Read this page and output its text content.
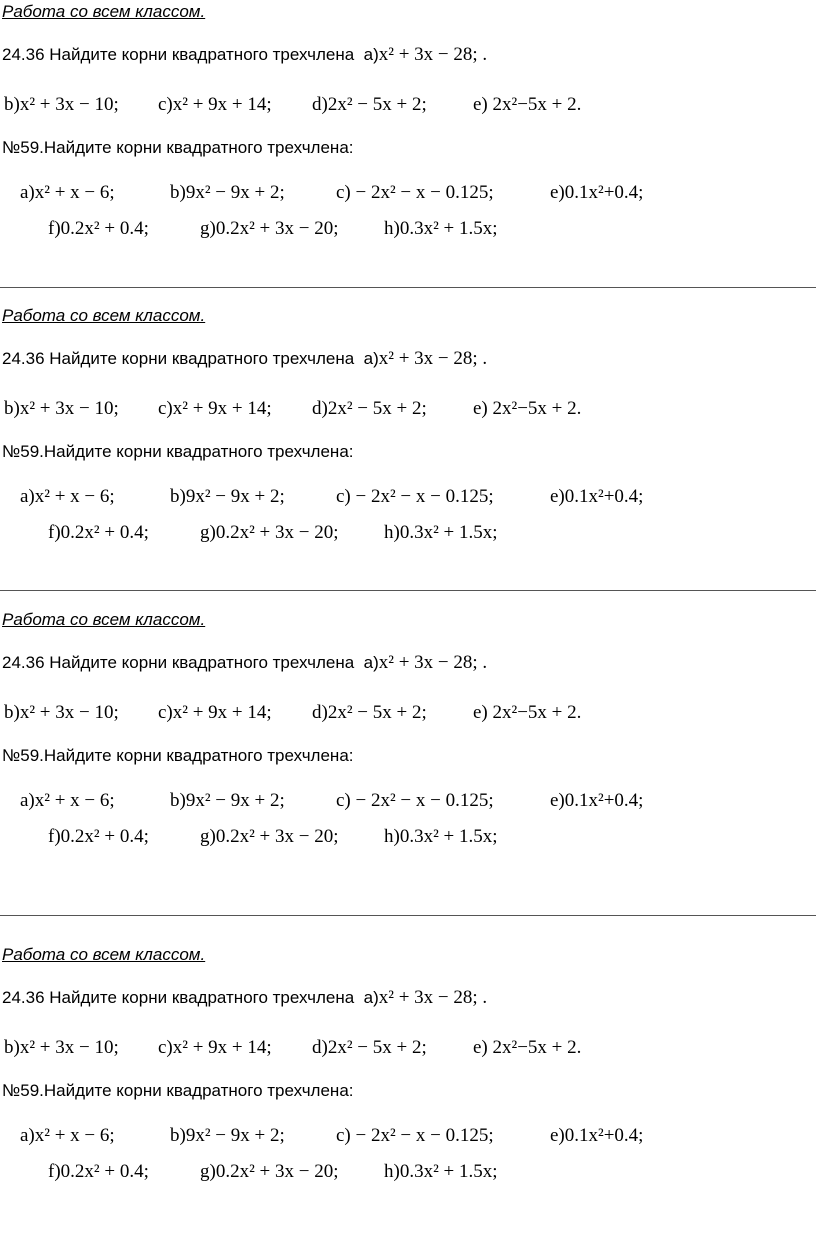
Работа со всем классом.
24.36 Найдите корни квадратного трехчлена а)x² + 3x − 28; .
b)x² + 3x − 10; c)x² + 9x + 14; d)2x² − 5x + 2; e) 2x²−5x + 2.
№59.Найдите корни квадратного трехчлена:
a)x² + x − 6;	b)9x² − 9x + 2;	c) − 2x² − x − 0.125;	e)0.1x²+0.4;
f)0.2x² + 0.4;	g)0.2x² + 3x − 20; h)0.3x² + 1.5x;
Работа со всем классом.
24.36 Найдите корни квадратного трехчлена а)x² + 3x − 28; .
b)x² + 3x − 10; c)x² + 9x + 14; d)2x² − 5x + 2; e) 2x²−5x + 2.
№59.Найдите корни квадратного трехчлена:
a)x² + x − 6;	b)9x² − 9x + 2;	c) − 2x² − x − 0.125;	e)0.1x²+0.4;
f)0.2x² + 0.4;	g)0.2x² + 3x − 20; h)0.3x² + 1.5x;
Работа со всем классом.
24.36 Найдите корни квадратного трехчлена а)x² + 3x − 28; .
b)x² + 3x − 10; c)x² + 9x + 14; d)2x² − 5x + 2; e) 2x²−5x + 2.
№59.Найдите корни квадратного трехчлена:
a)x² + x − 6;	b)9x² − 9x + 2;	c) − 2x² − x − 0.125;	e)0.1x²+0.4;
f)0.2x² + 0.4;	g)0.2x² + 3x − 20; h)0.3x² + 1.5x;
Работа со всем классом.
24.36 Найдите корни квадратного трехчлена а)x² + 3x − 28; .
b)x² + 3x − 10; c)x² + 9x + 14; d)2x² − 5x + 2; e) 2x²−5x + 2.
№59.Найдите корни квадратного трехчлена:
a)x² + x − 6;	b)9x² − 9x + 2;	c) − 2x² − x − 0.125;	e)0.1x²+0.4;
f)0.2x² + 0.4;	g)0.2x² + 3x − 20; h)0.3x² + 1.5x;
